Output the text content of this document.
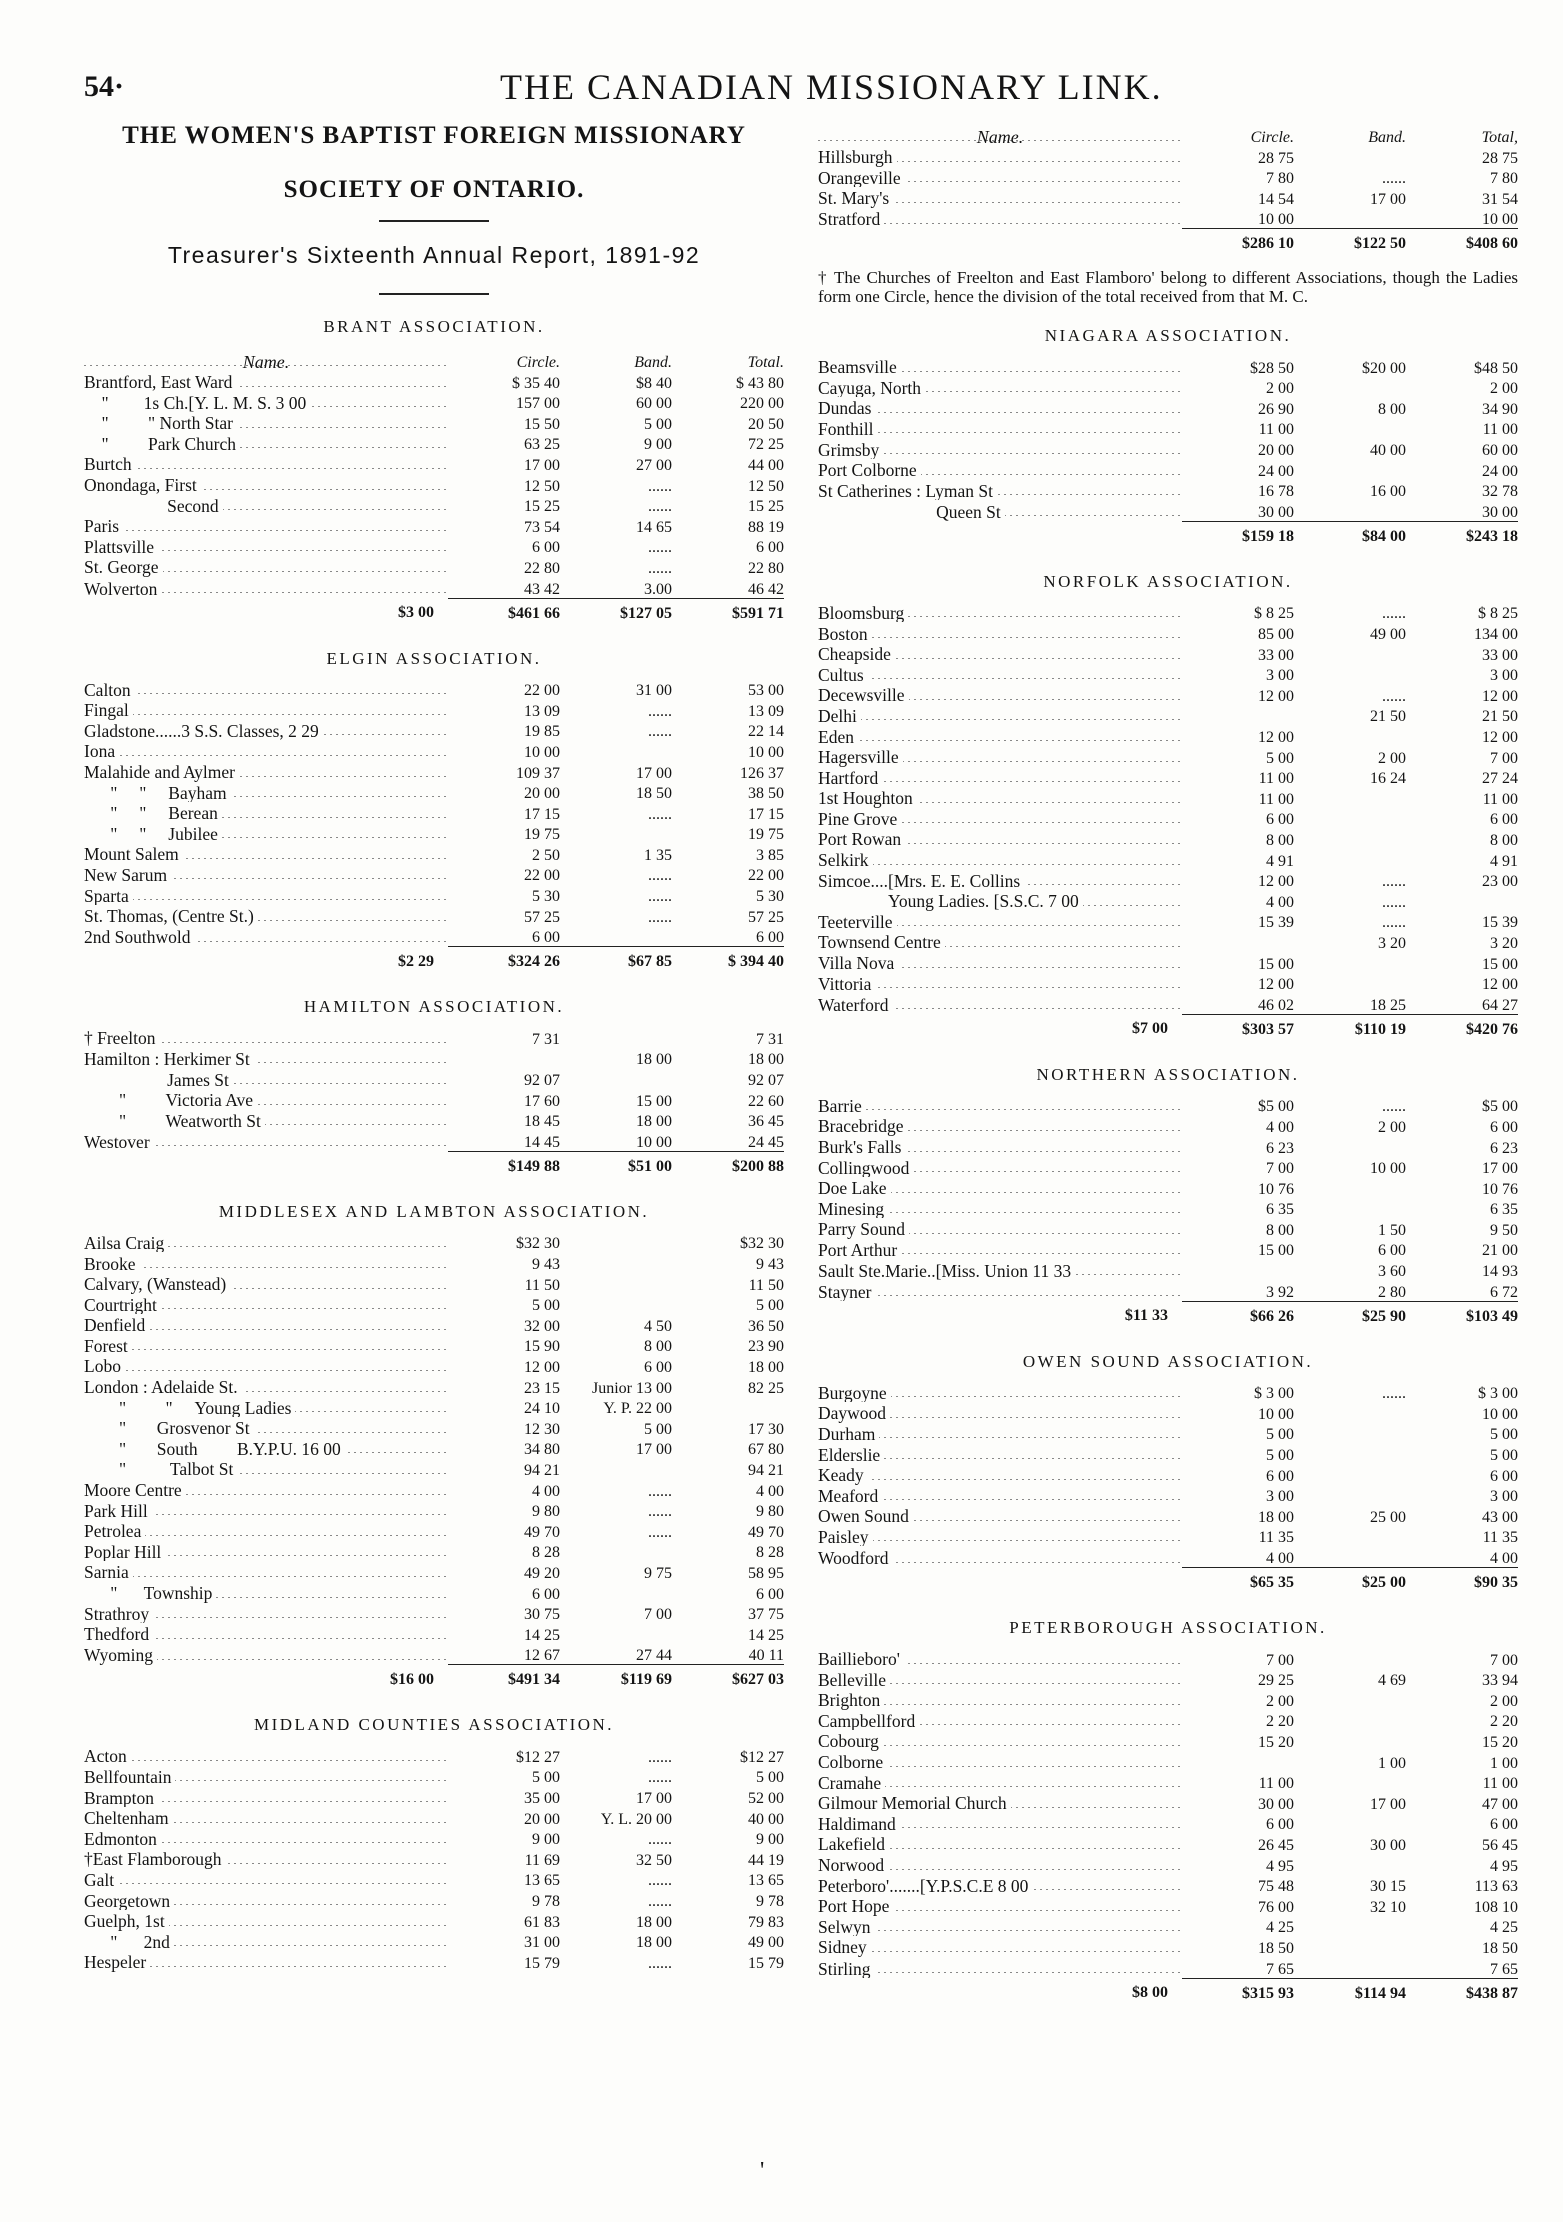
54·	THE CANADIAN MISSIONARY LINK.
THE WOMEN'S BAPTIST FOREIGN MISSIONARY
SOCIETY OF ONTARIO.
Treasurer's Sixteenth Annual Report, 1891-92
BRANT ASSOCIATION.
Name.	Circle.	Band.	Total.
Brantford, East Ward	$ 35 40	$8 40	$ 43 80
"        1s Ch.[Y. L. M. S. 3 00	157 00	60 00	220 00
"         " North Star	15 50	5 00	20 50
"         Park Church	63 25	9 00	72 25
Burtch	17 00	27 00	44 00
Onondaga, First	12 50	......	12 50
Second	15 25	......	15 25
Paris	73 54	14 65	88 19
Plattsville	6 00	......	6 00
St. George	22 80	......	22 80
Wolverton	43 42	3.00	46 42
$3 00	$461 66	$127 05	$591 71
ELGIN ASSOCIATION.
Calton	22 00	31 00	53 00
Fingal	13 09	......	13 09
Gladstone......3 S.S. Classes, 2 29	19 85	......	22 14
Iona	10 00		10 00
Malahide and Aylmer	109 37	17 00	126 37
"     "     Bayham	20 00	18 50	38 50
"     "     Berean	17 15	......	17 15
"     "     Jubilee	19 75		19 75
Mount Salem	2 50	1 35	3 85
New Sarum	22 00	......	22 00
Sparta	5 30	......	5 30
St. Thomas, (Centre St.)	57 25	......	57 25
2nd Southwold	6 00		6 00
$2 29	$324 26	$67 85	$ 394 40
HAMILTON ASSOCIATION.
† Freelton	7 31		7 31
Hamilton : Herkimer St		18 00	18 00
James St	92 07		92 07
"         Victoria Ave	17 60	15 00	22 60
"         Weatworth St	18 45	18 00	36 45
Westover	14 45	10 00	24 45
	$149 88	$51 00	$200 88
MIDDLESEX AND LAMBTON ASSOCIATION.
Ailsa Craig	$32 30		$32 30
Brooke	9 43		9 43
Calvary, (Wanstead)	11 50		11 50
Courtright	5 00		5 00
Denfield	32 00	4 50	36 50
Forest	15 90	8 00	23 90
Lobo	12 00	6 00	18 00
London : Adelaide St.	23 15	Junior 13 00	82 25
"         "     Young Ladies	24 10	Y. P. 22 00	
"       Grosvenor St	12 30	5 00	17 30
"       South         B.Y.P.U. 16 00	34 80	17 00	67 80
"          Talbot St	94 21		94 21
Moore Centre	4 00	......	4 00
Park Hill	9 80	......	9 80
Petrolea	49 70	......	49 70
Poplar Hill	8 28		8 28
Sarnia	49 20	9 75	58 95
"      Township	6 00		6 00
Strathroy	30 75	7 00	37 75
Thedford	14 25		14 25
Wyoming	12 67	27 44	40 11
$16 00	$491 34	$119 69	$627 03
MIDLAND COUNTIES ASSOCIATION.
Acton	$12 27	......	$12 27
Bellfountain	5 00	......	5 00
Brampton	35 00	17 00	52 00
Cheltenham	20 00	Y. L. 20 00	40 00
Edmonton	9 00	......	9 00
†East Flamborough	11 69	32 50	44 19
Galt	13 65	......	13 65
Georgetown	9 78	......	9 78
Guelph, 1st	61 83	18 00	79 83
"      2nd	31 00	18 00	49 00
Hespeler	15 79	......	15 79
Name.	Circle.	Band.	Total,
Hillsburgh	28 75		28 75
Orangeville	7 80	......	7 80
St. Mary's	14 54	17 00	31 54
Stratford	10 00		10 00
	$286 10	$122 50	$408 60
† The Churches of Freelton and East Flamboro' belong to different Associations, though the Ladies form one Circle, hence the division of the total received from that M. C.
NIAGARA ASSOCIATION.
Beamsville	$28 50	$20 00	$48 50
Cayuga, North	2 00		2 00
Dundas	26 90	8 00	34 90
Fonthill	11 00		11 00
Grimsby	20 00	40 00	60 00
Port Colborne	24 00		24 00
St Catherines : Lyman St	16 78	16 00	32 78
Queen St	30 00		30 00
	$159 18	$84 00	$243 18
NORFOLK ASSOCIATION.
Bloomsburg	$ 8 25	......	$ 8 25
Boston	85 00	49 00	134 00
Cheapside	33 00		33 00
Cultus	3 00		3 00
Decewsville	12 00	......	12 00
Delhi		21 50	21 50
Eden	12 00		12 00
Hagersville	5 00	2 00	7 00
Hartford	11 00	16 24	27 24
1st Houghton	11 00		11 00
Pine Grove	6 00		6 00
Port Rowan	8 00		8 00
Selkirk	4 91		4 91
Simcoe....[Mrs. E. E. Collins	12 00	......	23 00
Young Ladies. [S.S.C. 7 00	4 00	......	
Teeterville	15 39	......	15 39
Townsend Centre		3 20	3 20
Villa Nova	15 00		15 00
Vittoria	12 00		12 00
Waterford	46 02	18 25	64 27
$7 00	$303 57	$110 19	$420 76
NORTHERN ASSOCIATION.
Barrie	$5 00	......	$5 00
Bracebridge	4 00	2 00	6 00
Burk's Falls	6 23		6 23
Collingwood	7 00	10 00	17 00
Doe Lake	10 76		10 76
Minesing	6 35		6 35
Parry Sound	8 00	1 50	9 50
Port Arthur	15 00	6 00	21 00
Sault Ste.Marie..[Miss. Union 11 33		3 60	14 93
Stayner	3 92	2 80	6 72
$11 33	$66 26	$25 90	$103 49
OWEN SOUND ASSOCIATION.
Burgoyne	$ 3 00	......	$ 3 00
Daywood	10 00		10 00
Durham	5 00		5 00
Elderslie	5 00		5 00
Keady	6 00		6 00
Meaford	3 00		3 00
Owen Sound	18 00	25 00	43 00
Paisley	11 35		11 35
Woodford	4 00		4 00
	$65 35	$25 00	$90 35
PETERBOROUGH ASSOCIATION.
Baillieboro'	7 00		7 00
Belleville	29 25	4 69	33 94
Brighton	2 00		2 00
Campbellford	2 20		2 20
Cobourg	15 20		15 20
Colborne		1 00	1 00
Cramahe	11 00		11 00
Gilmour Memorial Church	30 00	17 00	47 00
Haldimand	6 00		6 00
Lakefield	26 45	30 00	56 45
Norwood	4 95		4 95
Peterboro'.......[Y.P.S.C.E 8 00	75 48	30 15	113 63
Port Hope	76 00	32 10	108 10
Selwyn	4 25		4 25
Sidney	18 50		18 50
Stirling	7 65		7 65
$8 00	$315 93	$114 94	$438 87
'
